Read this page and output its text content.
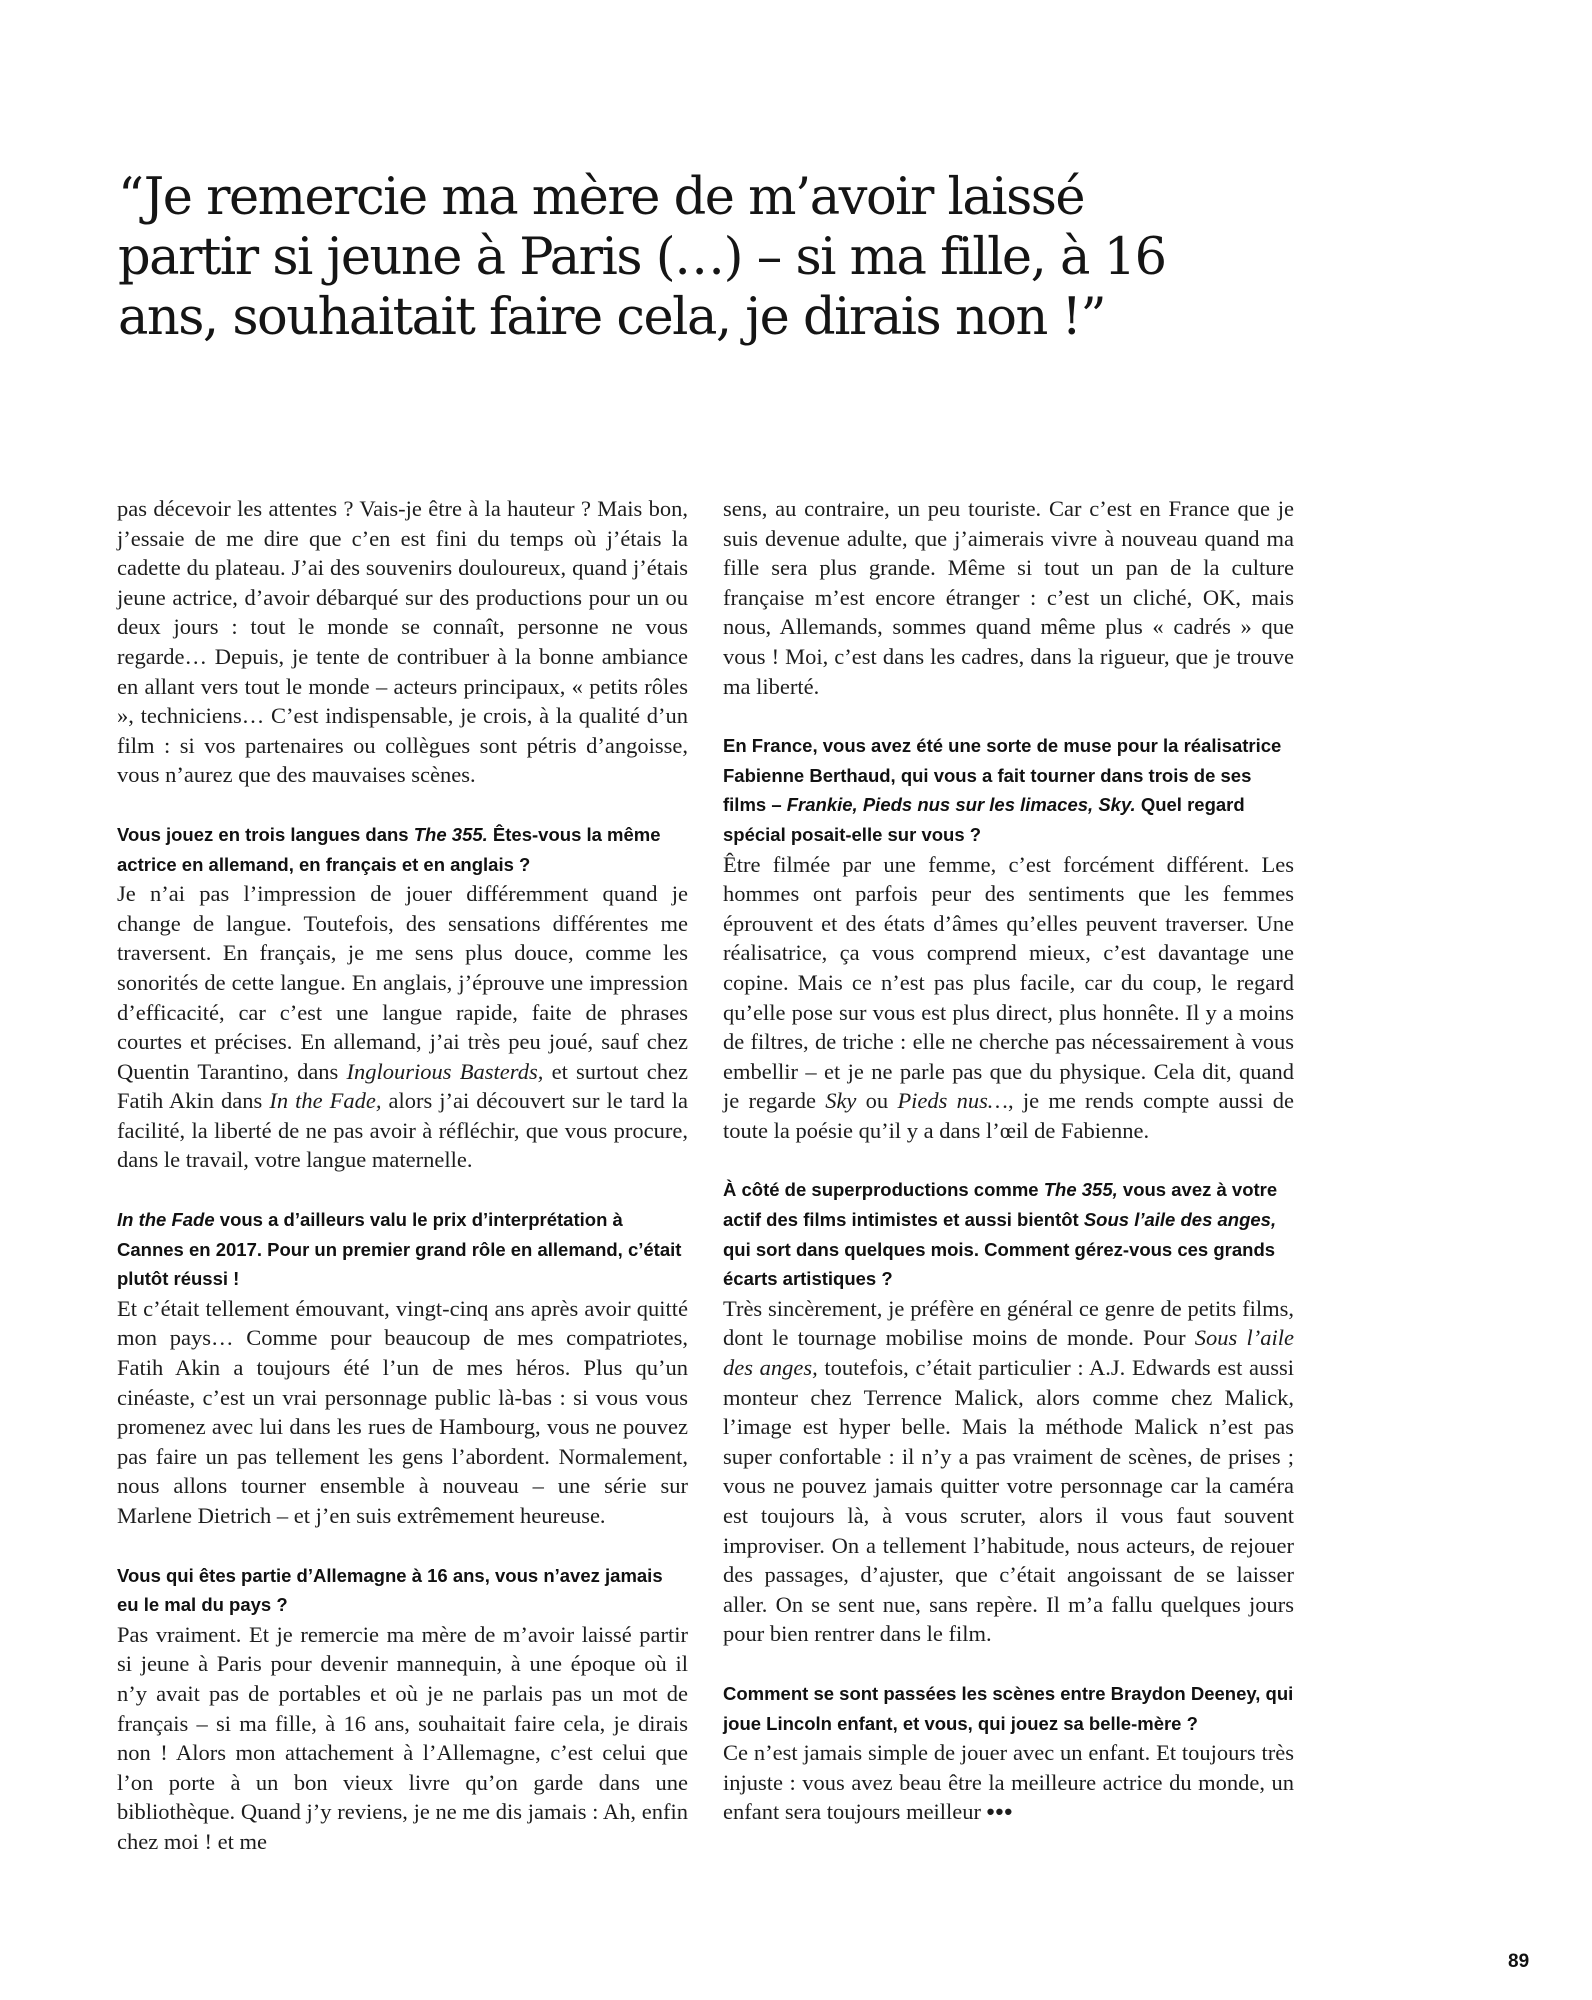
“Je remercie ma mère de m’avoir laissé partir si jeune à Paris (…) – si ma fille, à 16 ans, souhaitait faire cela, je dirais non !”

pas décevoir les attentes ? Vais-je être à la hauteur ? Mais bon, j’essaie de me dire que c’en est fini du temps où j’étais la cadette du plateau. J’ai des souvenirs douloureux, quand j’étais jeune actrice, d’avoir débarqué sur des productions pour un ou deux jours : tout le monde se connaît, personne ne vous regarde… Depuis, je tente de contribuer à la bonne ambiance en allant vers tout le monde – acteurs principaux, « petits rôles », techniciens… C’est indispensable, je crois, à la qualité d’un film : si vos partenaires ou collègues sont pétris d’angoisse, vous n’aurez que des mauvaises scènes.

Vous jouez en trois langues dans The 355. Êtes-vous la même actrice en allemand, en français et en anglais ?

Je n’ai pas l’impression de jouer différemment quand je change de langue. Toutefois, des sensations différentes me traversent. En français, je me sens plus douce, comme les sonorités de cette langue. En anglais, j’éprouve une impression d’efficacité, car c’est une langue rapide, faite de phrases courtes et précises. En allemand, j’ai très peu joué, sauf chez Quentin Tarantino, dans Inglourious Basterds, et surtout chez Fatih Akin dans In the Fade, alors j’ai découvert sur le tard la facilité, la liberté de ne pas avoir à réfléchir, que vous procure, dans le travail, votre langue maternelle.

In the Fade vous a d’ailleurs valu le prix d’interprétation à Cannes en 2017. Pour un premier grand rôle en allemand, c’était plutôt réussi !

Et c’était tellement émouvant, vingt-cinq ans après avoir quitté mon pays… Comme pour beaucoup de mes compatriotes, Fatih Akin a toujours été l’un de mes héros. Plus qu’un cinéaste, c’est un vrai personnage public là-bas : si vous vous promenez avec lui dans les rues de Hambourg, vous ne pouvez pas faire un pas tellement les gens l’abordent. Normalement, nous allons tourner ensemble à nouveau – une série sur Marlene Dietrich – et j’en suis extrêmement heureuse.

Vous qui êtes partie d’Allemagne à 16 ans, vous n’avez jamais eu le mal du pays ?

Pas vraiment. Et je remercie ma mère de m’avoir laissé partir si jeune à Paris pour devenir mannequin, à une époque où il n’y avait pas de portables et où je ne parlais pas un mot de français – si ma fille, à 16 ans, souhaitait faire cela, je dirais non ! Alors mon attachement à l’Allemagne, c’est celui que l’on porte à un bon vieux livre qu’on garde dans une bibliothèque. Quand j’y reviens, je ne me dis jamais : Ah, enfin chez moi ! et me

sens, au contraire, un peu touriste. Car c’est en France que je suis devenue adulte, que j’aimerais vivre à nouveau quand ma fille sera plus grande. Même si tout un pan de la culture française m’est encore étranger : c’est un cliché, OK, mais nous, Allemands, sommes quand même plus « cadrés » que vous ! Moi, c’est dans les cadres, dans la rigueur, que je trouve ma liberté.

En France, vous avez été une sorte de muse pour la réalisatrice Fabienne Berthaud, qui vous a fait tourner dans trois de ses films – Frankie, Pieds nus sur les limaces, Sky. Quel regard spécial posait-elle sur vous ?

Être filmée par une femme, c’est forcément différent. Les hommes ont parfois peur des sentiments que les femmes éprouvent et des états d’âmes qu’elles peuvent traverser. Une réalisatrice, ça vous comprend mieux, c’est davantage une copine. Mais ce n’est pas plus facile, car du coup, le regard qu’elle pose sur vous est plus direct, plus honnête. Il y a moins de filtres, de triche : elle ne cherche pas nécessairement à vous embellir – et je ne parle pas que du physique. Cela dit, quand je regarde Sky ou Pieds nus…, je me rends compte aussi de toute la poésie qu’il y a dans l’œil de Fabienne.

À côté de superproductions comme The 355, vous avez à votre actif des films intimistes et aussi bientôt Sous l’aile des anges, qui sort dans quelques mois. Comment gérez-vous ces grands écarts artistiques ?

Très sincèrement, je préfère en général ce genre de petits films, dont le tournage mobilise moins de monde. Pour Sous l’aile des anges, toutefois, c’était particulier : A.J. Edwards est aussi monteur chez Terrence Malick, alors comme chez Malick, l’image est hyper belle. Mais la méthode Malick n’est pas super confortable : il n’y a pas vraiment de scènes, de prises ; vous ne pouvez jamais quitter votre personnage car la caméra est toujours là, à vous scruter, alors il vous faut souvent improviser. On a tellement l’habitude, nous acteurs, de rejouer des passages, d’ajuster, que c’était angoissant de se laisser aller. On se sent nue, sans repère. Il m’a fallu quelques jours pour bien rentrer dans le film.

Comment se sont passées les scènes entre Braydon Deeney, qui joue Lincoln enfant, et vous, qui jouez sa belle-mère ?

Ce n’est jamais simple de jouer avec un enfant. Et toujours très injuste : vous avez beau être la meilleure actrice du monde, un enfant sera toujours meilleur •••

89
